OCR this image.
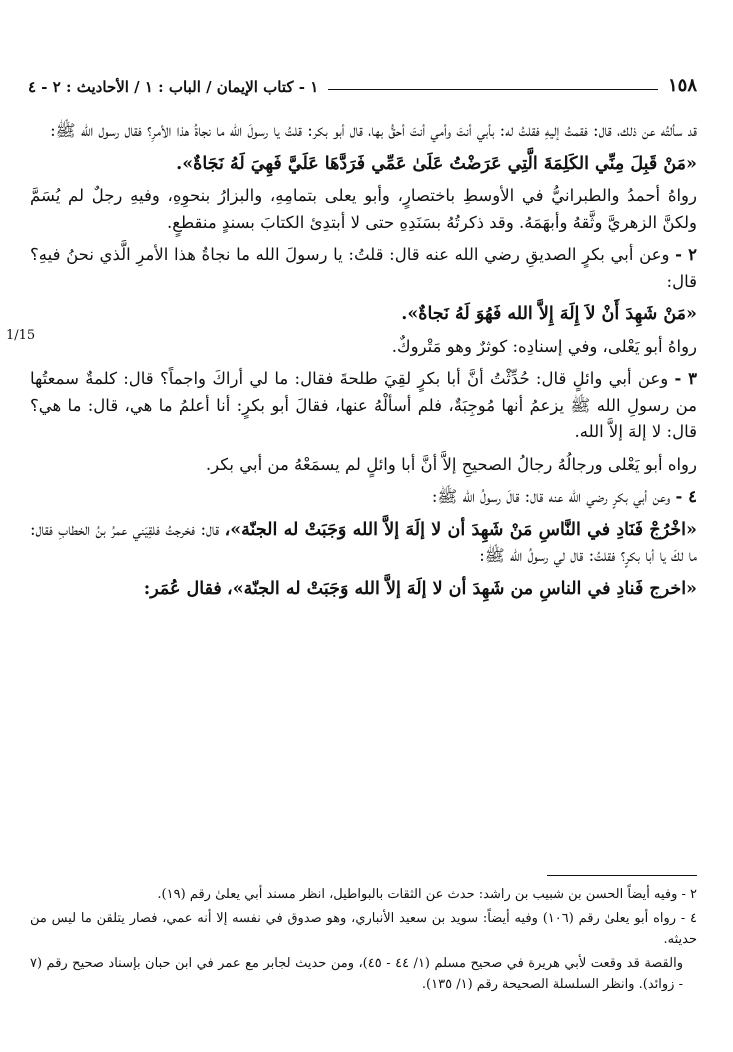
١٥٨
١ - كتاب الإيمان / الباب : ١ / الأحاديث : ٢ - ٤
1/15

قد سألتُه عن ذلك، قال: فقمتُ إليهِ فقلتُ له: بأبي أنتَ وأمي أنتَ أحقُّ بها، قال أبو بكر: قلتُ يا رسولَ الله ما نجاةُ هذا الأمرِ؟ فقال رسول الله ﷺ:

«مَنْ قَبِلَ مِنِّي الكَلِمَةَ الَّتِي عَرَضْتُ عَلَىٰ عَمِّي فَرَدَّهَا عَلَيَّ فَهِيَ لَهُ نَجَاةٌ».

رواهُ أحمدُ والطبرانيُّ في الأوسطِ باختصارٍ، وأبو يعلى بتمامِهِ، والبزارُ بنحوِهِ، وفيهِ رجلٌ لم يُسَمَّ ولكنَّ الزهريَّ وثَّقهُ وأبهَمَهُ. وقد ذكرتُهُ بسَنَدِهِ حتى لا أبتدِئ الكتابَ بسندٍ منقطعٍ.

٢ - وعن أبي بكرٍ الصديقِ رضي الله عنه قال: قلتُ: يا رسولَ الله ما نجاةُ هذا الأمرِ الَّذي نحنُ فيهِ؟ قال:

«مَنْ شَهِدَ أَنْ لاَ إِلَهَ إِلاَّ الله فَهُوَ لَهُ نَجاةٌ».

رواهُ أبو يَعْلى، وفي إسنادِه: كوثرٌ وهو مَتْروكٌ.

٣ - وعن أبي وائلٍ قال: حُدِّثْتُ أنَّ أبا بكرٍ لقِيَ طلحةَ فقال: ما لي أراكَ واجماً؟ قال: كلمةٌ سمعتُها من رسولِ الله ﷺ يزعمُ أنها مُوجِبَةٌ، فلم أسألْهُ عنها، فقالَ أبو بكرٍ: أنا أعلمُ ما هي، قال: ما هي؟ قال: لا إلهَ إلاَّ الله.

رواه أبو يَعْلى ورجالُهُ رجالُ الصحيحِ إلاَّ أنَّ أبا وائلٍ لم يسمَعْهُ من أبي بكر.

٤ - وعن أبي بكرٍ رضي الله عنه قال: قالَ رسولُ الله ﷺ:

«اخْرُجْ فَنَادِ في النَّاسِ مَنْ شَهِدَ أن لا إلَهَ إلاَّ الله وَجَبَتْ له الجنّة»، قال: فخرجتُ فلقِيَني عمرُ بنُ الخطابِ فقال: ما لكَ يا أبا بكرٍ؟ فقلتُ: قال لي رسولُ الله ﷺ:

«اخرج فَنادِ في الناسِ من شَهِدَ أن لا إلَهَ إلاَّ الله وَجَبَتْ له الجنّة»، فقال عُمَر:

٢ - وفيه أيضاً الحسن بن شبيب بن راشد: حدث عن الثقات بالبواطيل، انظر مسند أبي يعلىٰ رقم (١٩).

٤ - رواه أبو يعلىٰ رقم (١٠٦) وفيه أيضاً: سويد بن سعيد الأنباري، وهو صدوق في نفسه إلا أنه عمي، فصار يتلقن ما ليس من حديثه.

والقصة قد وقعت لأبي هريرة في صحيح مسلم (١/ ٤٤ - ٤٥)، ومن حديث لجابر مع عمر في ابن حبان بإسناد صحيح رقم (٧ - زوائد). وانظر السلسلة الصحيحة رقم (١/ ١٣٥).
